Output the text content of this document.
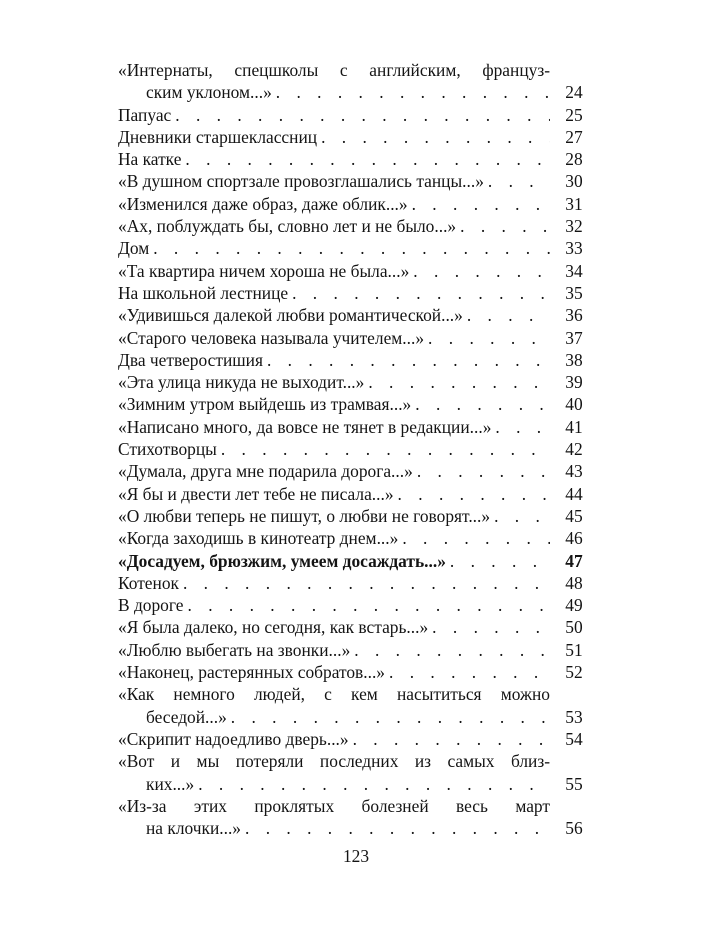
«Интернаты, спецшколы с английским, француз-
ским уклоном...» . . .	24
Папуас . . .	25
Дневники старшеклассниц . . .	27
На катке . . .	28
«В душном спортзале провозглашались танцы...» . . .	30
«Изменился даже образ, даже облик...» . . .	31
«Ах, поблуждать бы, словно лет и не было...» . . .	32
Дом . . .	33
«Та квартира ничем хороша не была...» . . .	34
На школьной лестнице . . .	35
«Удивишься далекой любви романтической...» . . .	36
«Старого человека называла учителем...» . . .	37
Два четверостишия . . .	38
«Эта улица никуда не выходит...» . . .	39
«Зимним утром выйдешь из трамвая...» . . .	40
«Написано много, да вовсе не тянет в редакции...» . . .	41
Стихотворцы . . .	42
«Думала, друга мне подарила дорога...» . . .	43
«Я бы и двести лет тебе не писала...» . . .	44
«О любви теперь не пишут, о любви не говорят...» . . .	45
«Когда заходишь в кинотеатр днем...» . . .	46
«Досадуем, брюзжим, умеем досаждать...» . . .	47
Котенок . . .	48
В дороге . . .	49
«Я была далеко, но сегодня, как встарь...» . . .	50
«Люблю выбегать на звонки...» . . .	51
«Наконец, растерянных собратов...» . . .	52
«Как немного людей, с кем насытиться можно
беседой...» . . .	53
«Скрипит надоедливо дверь...» . . .	54
«Вот и мы потеряли последних из самых близ-
ких...» . . .	55
«Из-за этих проклятых болезней весь март
на клочки...» . . .	56
123
